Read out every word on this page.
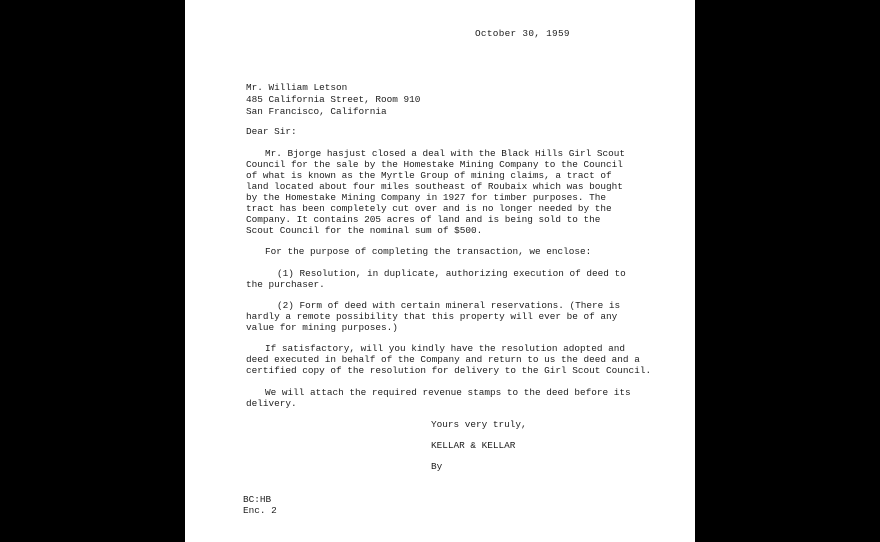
October 30, 1959
Mr. William Letson
485 California Street, Room 910
San Francisco, California
Dear Sir:
Mr. Bjorge hasjust closed a deal with the Black Hills Girl Scout
Council for the sale by the Homestake Mining Company to the Council
of what is known as the Myrtle Group of mining claims, a tract of
land located about four miles southeast of Roubaix which was bought
by the Homestake Mining Company in 1927 for timber purposes. The
tract has been completely cut over and is no longer needed by the
Company. It contains 205 acres of land and is being sold to the
Scout Council for the nominal sum of $500.
For the purpose of completing the transaction, we enclose:
(1) Resolution, in duplicate, authorizing execution of deed to
the purchaser.
(2) Form of deed with certain mineral reservations. (There is
hardly a remote possibility that this property will ever be of any
value for mining purposes.)
If satisfactory, will you kindly have the resolution adopted and
deed executed in behalf of the Company and return to us the deed and a
certified copy of the resolution for delivery to the Girl Scout Council.
We will attach the required revenue stamps to the deed before its
delivery.
Yours very truly,
KELLAR & KELLAR
By
BC:HB
Enc. 2
